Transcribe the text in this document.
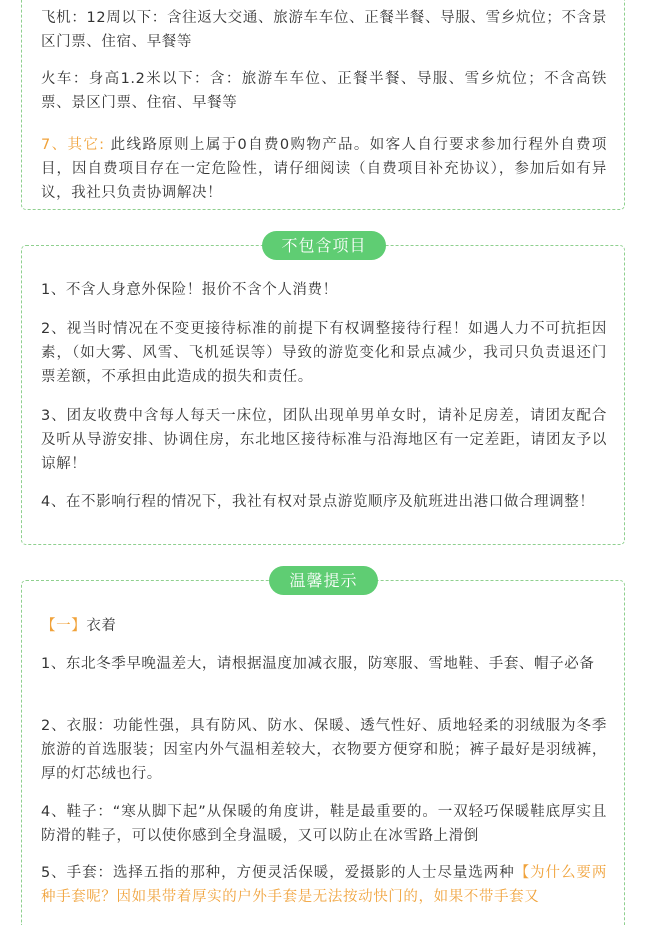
飞机：12周以下：含往返大交通、旅游车车位、正餐半餐、导服、雪乡炕位；不含景区门票、住宿、早餐等

火车：身高1.2米以下：含：旅游车车位、正餐半餐、导服、雪乡炕位；不含高铁票、景区门票、住宿、早餐等

7、其它: 此线路原则上属于0自费0购物产品。如客人自行要求参加行程外自费项目，因自费项目存在一定危险性，请仔细阅读（自费项目补充协议），参加后如有异议，我社只负责协调解决！

不包含项目

1、不含人身意外保险！报价不含个人消费！

2、视当时情况在不变更接待标准的前提下有权调整接待行程！如遇人力不可抗拒因素，（如大雾、风雪、飞机延误等）导致的游览变化和景点减少，我司只负责退还门票差额，不承担由此造成的损失和责任。

3、团友收费中含每人每天一床位，团队出现单男单女时，请补足房差，请团友配合及听从导游安排、协调住房，东北地区接待标准与沿海地区有一定差距，请团友予以谅解！

4、在不影响行程的情况下，我社有权对景点游览顺序及航班进出港口做合理调整！

温馨提示

【一】衣着

1、东北冬季早晚温差大，请根据温度加减衣服，防寒服、雪地鞋、手套、帽子必备

2、衣服：功能性强，具有防风、防水、保暖、透气性好、质地轻柔的羽绒服为冬季旅游的首选服装；因室内外气温相差较大，衣物要方便穿和脱；裤子最好是羽绒裤，厚的灯芯绒也行。

4、鞋子：“寒从脚下起”从保暖的角度讲，鞋是最重要的。一双轻巧保暖鞋底厚实且防滑的鞋子，可以使你感到全身温暖，又可以防止在冰雪路上滑倒

5、手套：选择五指的那种，方便灵活保暖，爱摄影的人士尽量选两种【为什么要两种手套呢？因如果带着厚实的户外手套是无法按动快门的，如果不带手套又
